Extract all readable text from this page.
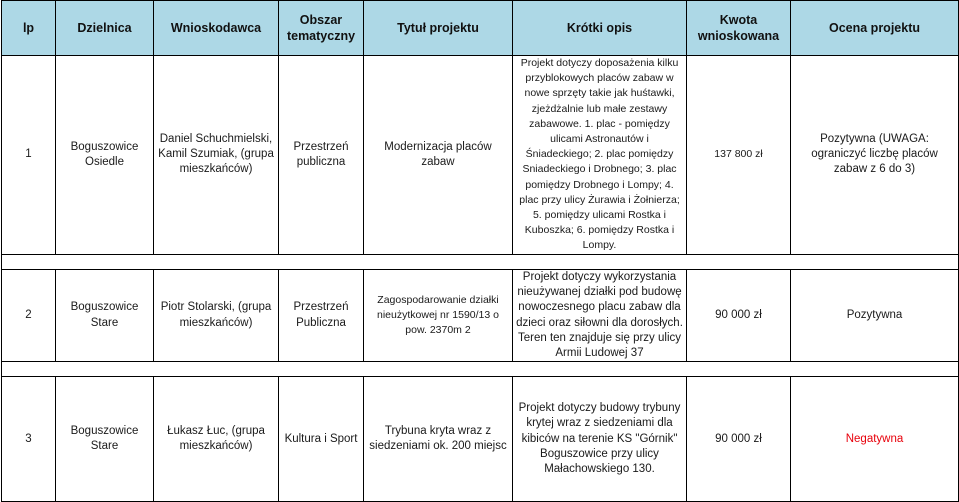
lp	Dzielnica	Wnioskodawca	Obszar tematyczny	Tytuł projektu	Krótki opis	Kwota wnioskowana	Ocena projektu
1	Boguszowice Osiedle	Daniel Schuchmielski, Kamil Szumiak, (grupa mieszkańców)	Przestrzeń publiczna	Modernizacja placów zabaw	Projekt dotyczy doposażenia kilku przyblokowych placów zabaw w nowe sprzęty takie jak huśtawki, zjeżdżalnie lub małe zestawy zabawowe. 1. plac - pomiędzy ulicami Astronautów i Śniadeckiego; 2. plac pomiędzy Sniadeckiego i Drobnego; 3. plac pomiędzy Drobnego i Lompy; 4. plac przy ulicy Żurawia i Żołnierza; 5. pomiędzy ulicami Rostka i Kuboszka; 6. pomiędzy Rostka i Lompy.	137 800 zł	Pozytywna (UWAGA: ograniczyć liczbę placów zabaw z 6 do 3)

2	Boguszowice Stare	Piotr Stolarski, (grupa mieszkańców)	Przestrzeń Publiczna	Zagospodarowanie działki nieużytkowej nr 1590/13 o pow. 2370m 2	Projekt dotyczy wykorzystania nieużywanej działki pod budowę nowoczesnego placu zabaw dla dzieci oraz siłowni dla dorosłych. Teren ten znajduje się przy ulicy Armii Ludowej 37	90 000 zł	Pozytywna

3	Boguszowice Stare	Łukasz Łuc, (grupa mieszkańców)	Kultura i Sport	Trybuna kryta wraz z siedzeniami ok. 200 miejsc	Projekt dotyczy budowy trybuny krytej wraz z siedzeniami dla kibiców na terenie KS "Górnik" Boguszowice przy ulicy Małachowskiego 130.	90 000 zł	Negatywna
